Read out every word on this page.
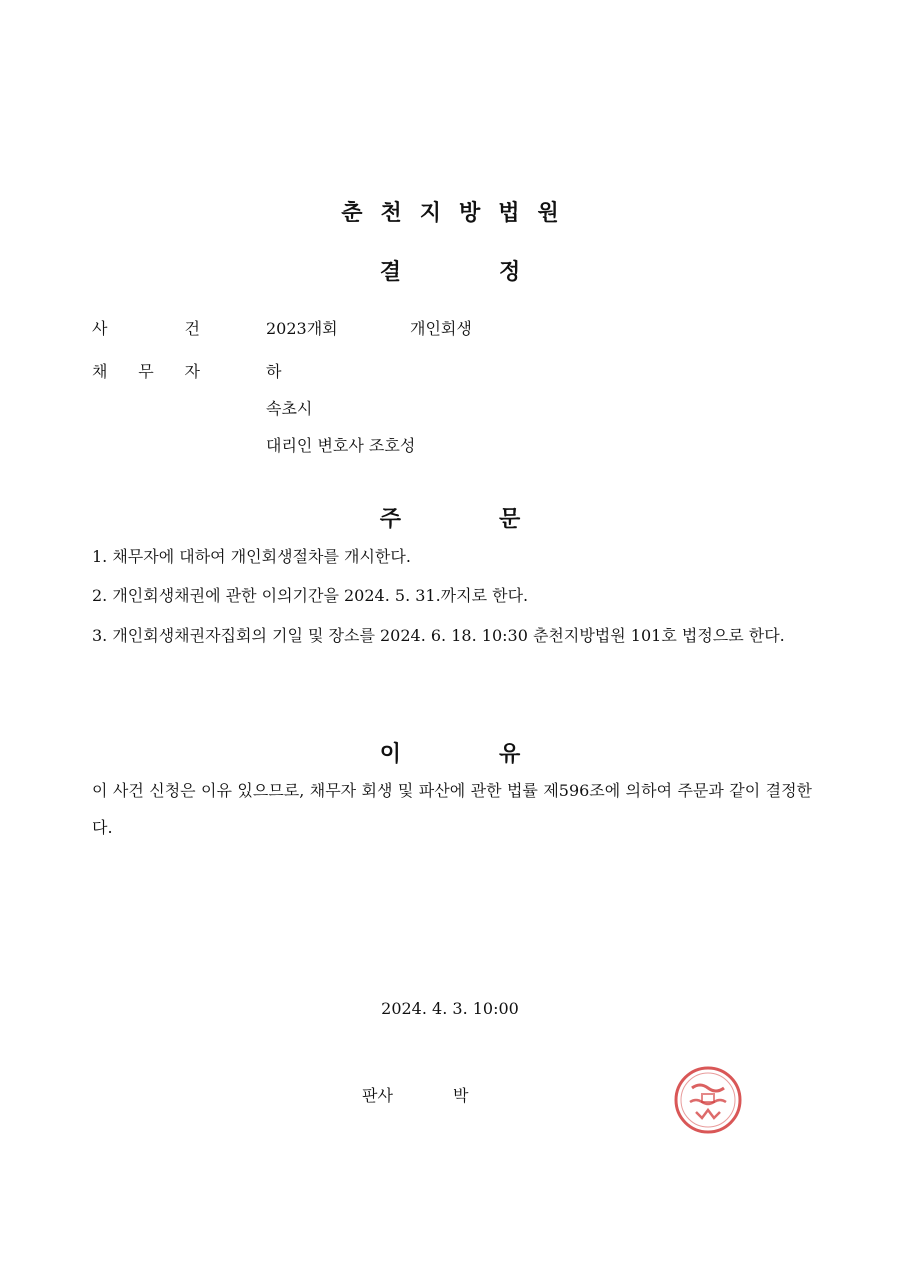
춘천지방법원
결	정
사	건	2023개회	개인회생
채 무 자	하
속초시
대리인 변호사 조호성
주	문
1. 채무자에 대하여 개인회생절차를 개시한다.
2. 개인회생채권에 관한 이의기간을 2024. 5. 31.까지로 한다.
3. 개인회생채권자집회의 기일 및 장소를 2024. 6. 18. 10:30 춘천지방법원 101호 법정으로 한다.
이	유
이 사건 신청은 이유 있으므로, 채무자 회생 및 파산에 관한 법률 제596조에 의하여 주문과 같이 결정한다.
2024. 4. 3. 10:00
판사	박
